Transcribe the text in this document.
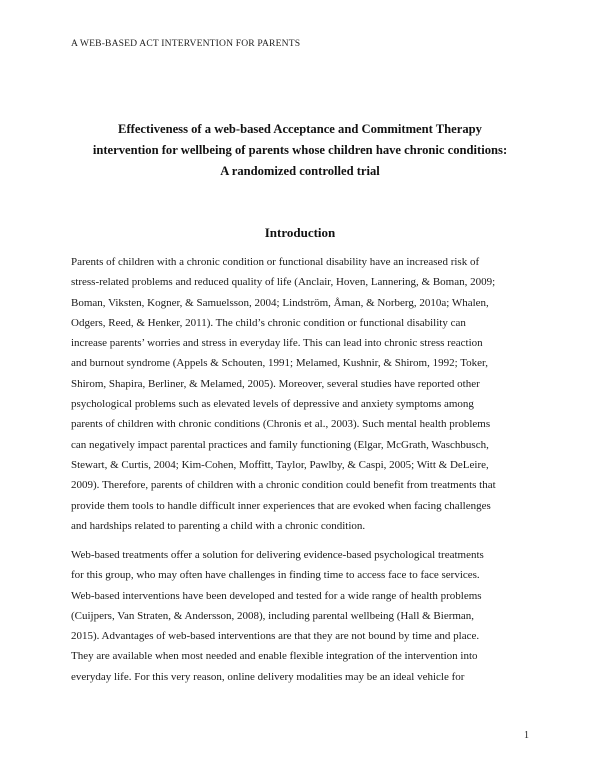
A WEB-BASED ACT INTERVENTION FOR PARENTS
Effectiveness of a web-based Acceptance and Commitment Therapy
intervention for wellbeing of parents whose children have chronic conditions:
A randomized controlled trial
Introduction
Parents of children with a chronic condition or functional disability have an increased risk of
stress-related problems and reduced quality of life (Anclair, Hoven, Lannering, & Boman, 2009;
Boman, Viksten, Kogner, & Samuelsson, 2004; Lindström, Åman, & Norberg, 2010a; Whalen,
Odgers, Reed, & Henker, 2011). The child’s chronic condition or functional disability can
increase parents’ worries and stress in everyday life. This can lead into chronic stress reaction
and burnout syndrome (Appels & Schouten, 1991; Melamed, Kushnir, & Shirom, 1992; Toker,
Shirom, Shapira, Berliner, & Melamed, 2005). Moreover, several studies have reported other
psychological problems such as elevated levels of depressive and anxiety symptoms among
parents of children with chronic conditions (Chronis et al., 2003). Such mental health problems
can negatively impact parental practices and family functioning (Elgar, McGrath, Waschbusch,
Stewart, & Curtis, 2004; Kim-Cohen, Moffitt, Taylor, Pawlby, & Caspi, 2005; Witt & DeLeire,
2009). Therefore, parents of children with a chronic condition could benefit from treatments that
provide them tools to handle difficult inner experiences that are evoked when facing challenges
and hardships related to parenting a child with a chronic condition.
Web-based treatments offer a solution for delivering evidence-based psychological treatments
for this group, who may often have challenges in finding time to access face to face services.
Web-based interventions have been developed and tested for a wide range of health problems
(Cuijpers, Van Straten, & Andersson, 2008), including parental wellbeing (Hall & Bierman,
2015). Advantages of web-based interventions are that they are not bound by time and place.
They are available when most needed and enable flexible integration of the intervention into
everyday life. For this very reason, online delivery modalities may be an ideal vehicle for
1
